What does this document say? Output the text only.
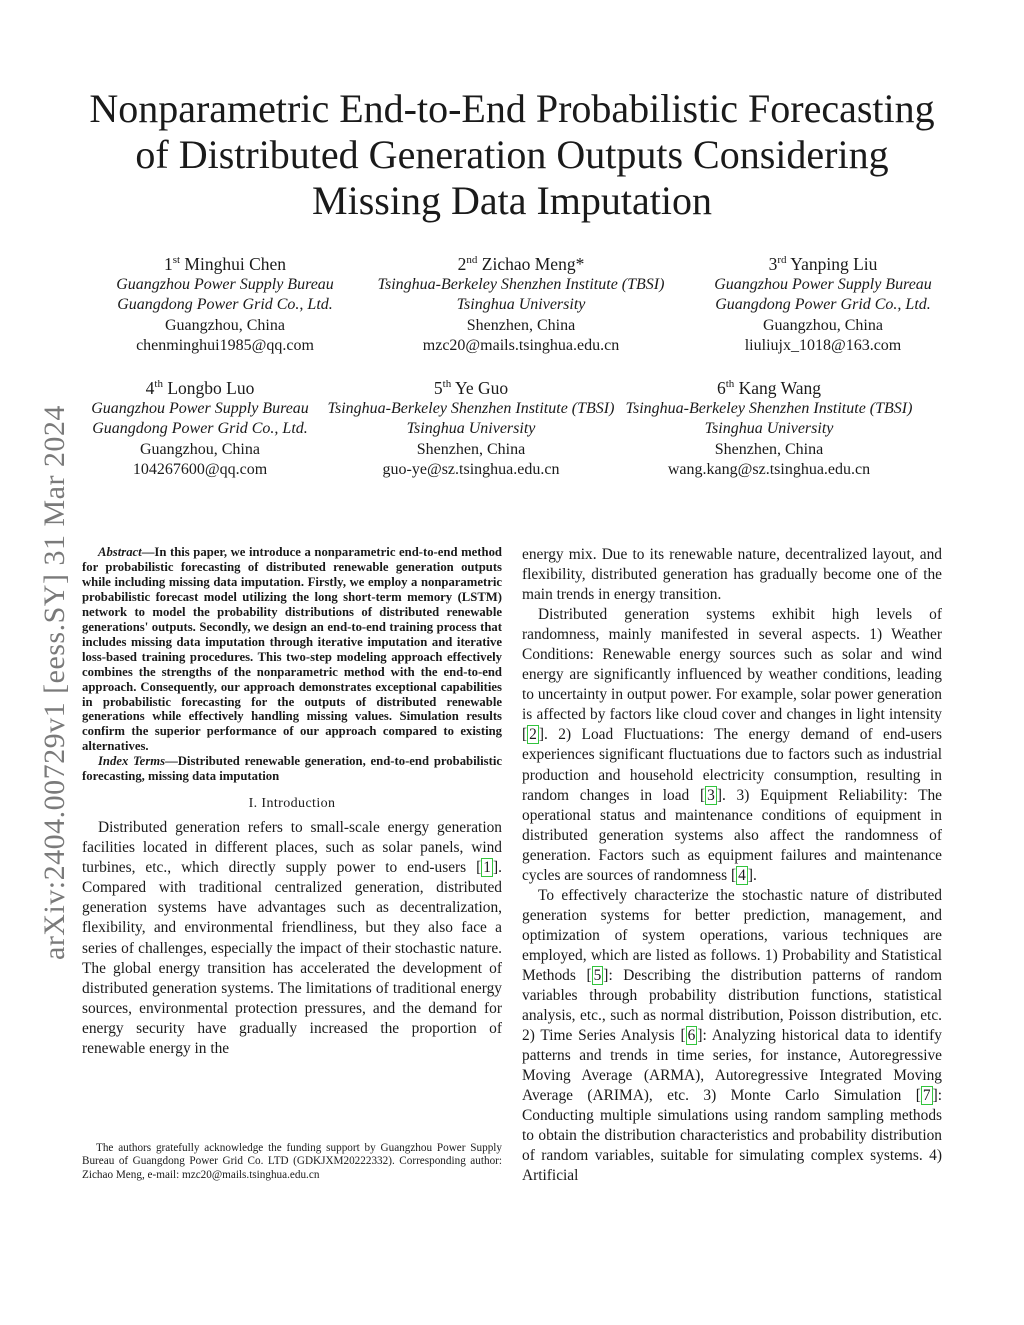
arXiv:2404.00729v1 [eess.SY] 31 Mar 2024
Nonparametric End-to-End Probabilistic Forecasting
of Distributed Generation Outputs Considering
Missing Data Imputation
1st Minghui Chen
Guangzhou Power Supply Bureau
Guangdong Power Grid Co., Ltd.
Guangzhou, China
chenminghui1985@qq.com
2nd Zichao Meng*
Tsinghua-Berkeley Shenzhen Institute (TBSI)
Tsinghua University
Shenzhen, China
mzc20@mails.tsinghua.edu.cn
3rd Yanping Liu
Guangzhou Power Supply Bureau
Guangdong Power Grid Co., Ltd.
Guangzhou, China
liuliujx_1018@163.com
4th Longbo Luo
Guangzhou Power Supply Bureau
Guangdong Power Grid Co., Ltd.
Guangzhou, China
104267600@qq.com
5th Ye Guo
Tsinghua-Berkeley Shenzhen Institute (TBSI)
Tsinghua University
Shenzhen, China
guo-ye@sz.tsinghua.edu.cn
6th Kang Wang
Tsinghua-Berkeley Shenzhen Institute (TBSI)
Tsinghua University
Shenzhen, China
wang.kang@sz.tsinghua.edu.cn

Abstract—In this paper, we introduce a nonparametric end-to-end method for probabilistic forecasting of distributed renewable generation outputs while including missing data imputation. Firstly, we employ a nonparametric probabilistic forecast model utilizing the long short-term memory (LSTM) network to model the probability distributions of distributed renewable generations' outputs. Secondly, we design an end-to-end training process that includes missing data imputation through iterative imputation and iterative loss-based training procedures. This two-step modeling approach effectively combines the strengths of the nonparametric method with the end-to-end approach. Consequently, our approach demonstrates exceptional capabilities in probabilistic forecasting for the outputs of distributed renewable generations while effectively handling missing values. Simulation results confirm the superior performance of our approach compared to existing alternatives.

Index Terms—Distributed renewable generation, end-to-end probabilistic forecasting, missing data imputation

I. Introduction

Distributed generation refers to small-scale energy generation facilities located in different places, such as solar panels, wind turbines, etc., which directly supply power to end-users [ 1 ]. Compared with traditional centralized generation, distributed generation systems have advantages such as decentralization, flexibility, and environmental friendliness, but they also face a series of challenges, especially the impact of their stochastic nature. The global energy transition has accelerated the development of distributed generation systems. The limitations of traditional energy sources, environmental protection pressures, and the demand for energy security have gradually increased the proportion of renewable energy in the

The authors gratefully acknowledge the funding support by Guangzhou Power Supply Bureau of Guangdong Power Grid Co. LTD (GDKJXM20222332). Corresponding author: Zichao Meng, e-mail: mzc20@mails.tsinghua.edu.cn

energy mix. Due to its renewable nature, decentralized layout, and flexibility, distributed generation has gradually become one of the main trends in energy transition.

Distributed generation systems exhibit high levels of randomness, mainly manifested in several aspects. 1) Weather Conditions: Renewable energy sources such as solar and wind energy are significantly influenced by weather conditions, leading to uncertainty in output power. For example, solar power generation is affected by factors like cloud cover and changes in light intensity [ 2 ]. 2) Load Fluctuations: The energy demand of end-users experiences significant fluctuations due to factors such as industrial production and household electricity consumption, resulting in random changes in load [ 3 ]. 3) Equipment Reliability: The operational status and maintenance conditions of equipment in distributed generation systems also affect the randomness of generation. Factors such as equipment failures and maintenance cycles are sources of randomness [ 4 ].

To effectively characterize the stochastic nature of distributed generation systems for better prediction, management, and optimization of system operations, various techniques are employed, which are listed as follows. 1) Probability and Statistical Methods [ 5 ]: Describing the distribution patterns of random variables through probability distribution functions, statistical analysis, etc., such as normal distribution, Poisson distribution, etc. 2) Time Series Analysis [ 6 ]: Analyzing historical data to identify patterns and trends in time series, for instance, Autoregressive Moving Average (ARMA), Autoregressive Integrated Moving Average (ARIMA), etc. 3) Monte Carlo Simulation [ 7 ]: Conducting multiple simulations using random sampling methods to obtain the distribution characteristics and probability distribution of random variables, suitable for simulating complex systems. 4) Artificial
